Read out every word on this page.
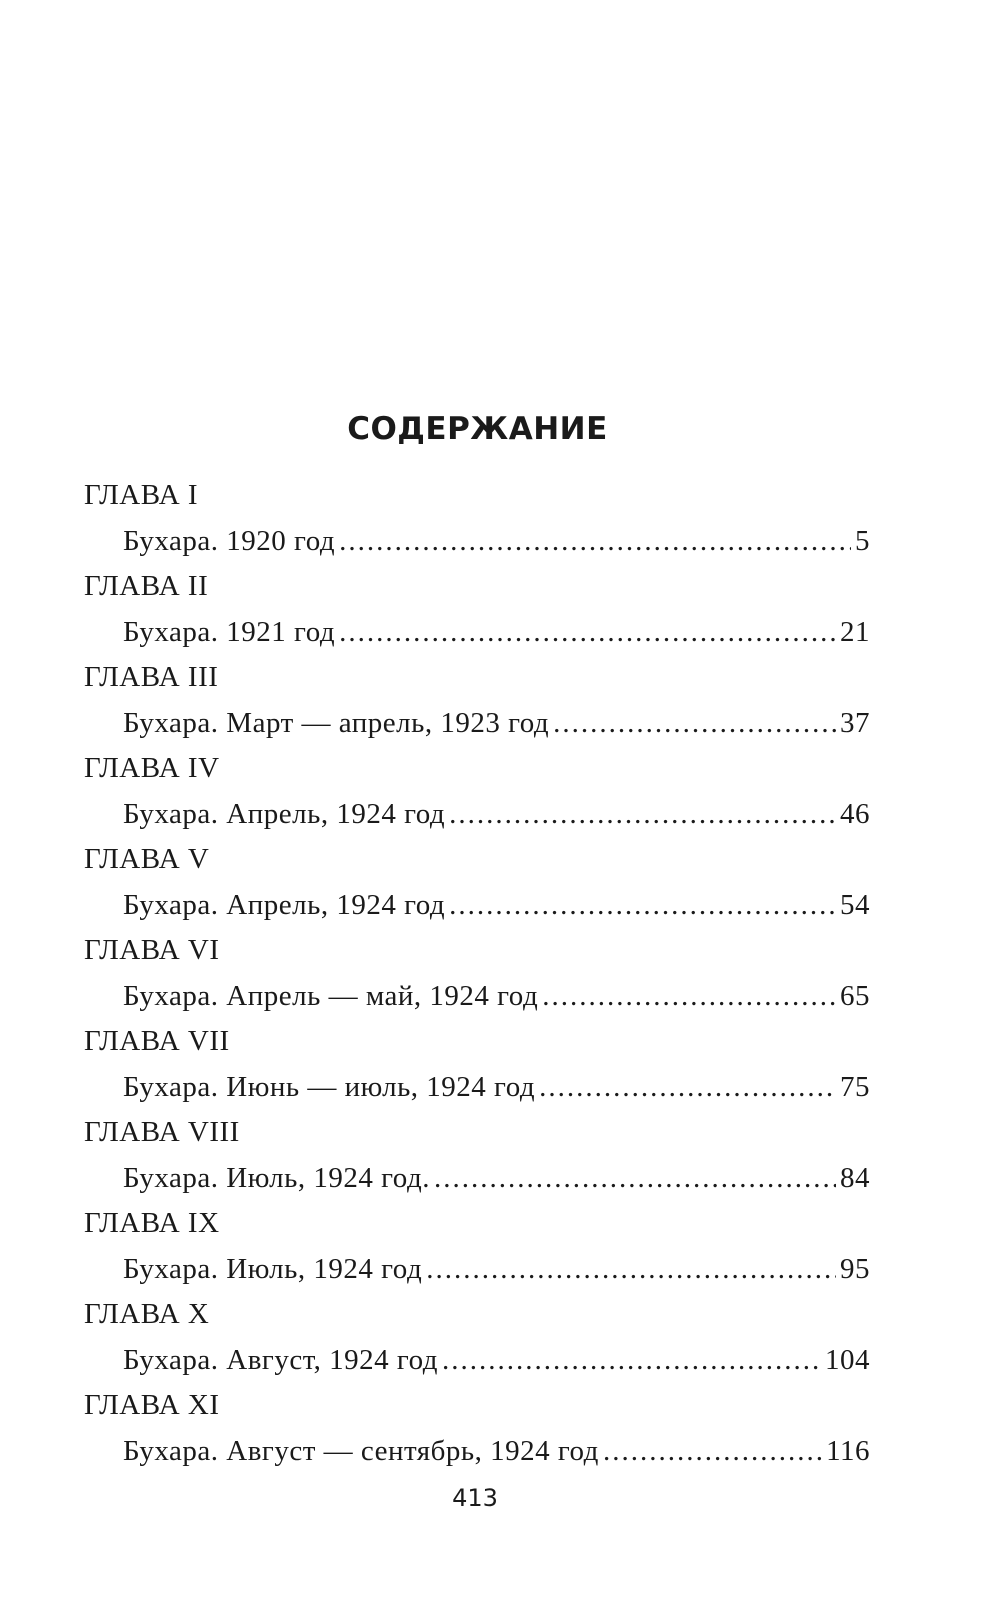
СОДЕРЖАНИЕ
ГЛАВА I
Бухара. 1920 год .....	5
ГЛАВА II
Бухара. 1921 год .....	21
ГЛАВА III
Бухара. Март — апрель, 1923 год .....	37
ГЛАВА IV
Бухара. Апрель, 1924 год .....	46
ГЛАВА V
Бухара. Апрель, 1924 год .....	54
ГЛАВА VI
Бухара. Апрель — май, 1924 год .....	65
ГЛАВА VII
Бухара. Июнь — июль, 1924 год .....	75
ГЛАВА VIII
Бухара. Июль, 1924 год. .....	84
ГЛАВА IX
Бухара. Июль, 1924 год .....	95
ГЛАВА X
Бухара. Август, 1924 год .....	104
ГЛАВА XI
Бухара. Август — сентябрь, 1924 год .....	116
413
